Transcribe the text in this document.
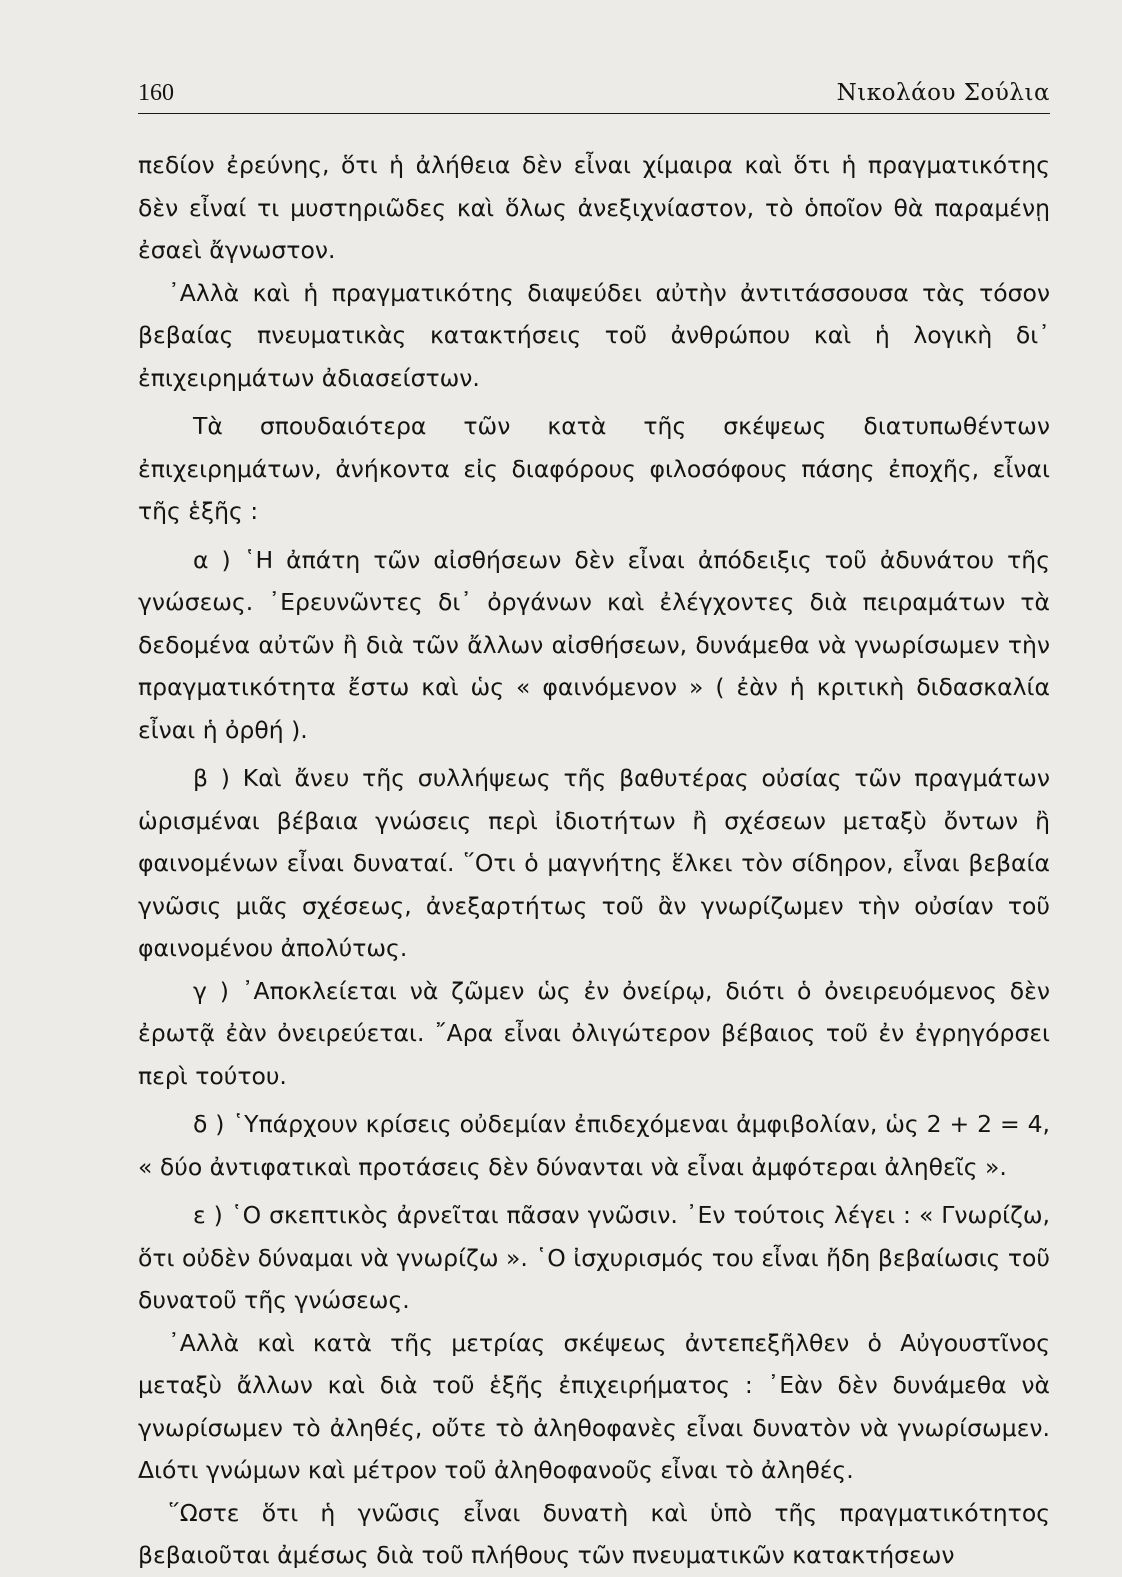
160	Νικολάου Σούλια

πεδίον ἐρεύνης, ὅτι ἡ ἀλήθεια δὲν εἶναι χίμαιρα καὶ ὅτι ἡ πραγματικότης δὲν εἶναί τι μυστηριῶδες καὶ ὅλως ἀνεξιχνίαστον, τὸ ὁποῖον θὰ παραμένῃ ἐσαεὶ ἄγνωστον.

᾽Αλλὰ καὶ ἡ πραγματικότης διαψεύδει αὐτὴν ἀντιτάσσουσα τὰς τόσον βεβαίας πνευματικὰς κατακτήσεις τοῦ ἀνθρώπου καὶ ἡ λογικὴ δι᾽ ἐπιχειρημάτων ἀδιασείστων.

Τὰ σπουδαιότερα τῶν κατὰ τῆς σκέψεως διατυπωθέντων ἐπιχειρημάτων, ἀνήκοντα εἰς διαφόρους φιλοσόφους πάσης ἐποχῆς, εἶναι τῆς ἑξῆς :

α ) ῾Η ἀπάτη τῶν αἰσθήσεων δὲν εἶναι ἀπόδειξις τοῦ ἀδυνάτου τῆς γνώσεως. ᾽Ερευνῶντες δι᾽ ὀργάνων καὶ ἐλέγχοντες διὰ πειραμάτων τὰ δεδομένα αὐτῶν ἢ διὰ τῶν ἄλλων αἰσθήσεων, δυνάμεθα νὰ γνωρίσωμεν τὴν πραγματικότητα ἔστω καὶ ὡς « φαινόμενον » ( ἐὰν ἡ κριτικὴ διδασκαλία εἶναι ἡ ὀρθή ).

β ) Καὶ ἄνευ τῆς συλλήψεως τῆς βαθυτέρας οὐσίας τῶν πραγμάτων ὡρισμέναι βέβαια γνώσεις περὶ ἰδιοτήτων ἢ σχέσεων μεταξὺ ὄντων ἢ φαινομένων εἶναι δυναταί. ῞Οτι ὁ μαγνήτης ἕλκει τὸν σίδηρον, εἶναι βεβαία γνῶσις μιᾶς σχέσεως, ἀνεξαρτήτως τοῦ ἂν γνωρίζωμεν τὴν οὐσίαν τοῦ φαινομένου ἀπολύτως.

γ ) ᾽Αποκλείεται νὰ ζῶμεν ὡς ἐν ὀνείρῳ, διότι ὁ ὀνειρευόμενος δὲν ἐρωτᾷ ἐὰν ὀνειρεύεται. ῎Αρα εἶναι ὀλιγώτερον βέβαιος τοῦ ἐν ἐγρηγόρσει περὶ τούτου.

δ ) ῾Υπάρχουν κρίσεις οὐδεμίαν ἐπιδεχόμεναι ἀμφιβολίαν, ὡς 2 + 2 = 4, « δύο ἀντιφατικαὶ προτάσεις δὲν δύνανται νὰ εἶναι ἀμφότεραι ἀληθεῖς ».

ε ) ῾Ο σκεπτικὸς ἀρνεῖται πᾶσαν γνῶσιν. ᾽Εν τούτοις λέγει : « Γνωρίζω, ὅτι οὐδὲν δύναμαι νὰ γνωρίζω ». ῾Ο ἰσχυρισμός του εἶναι ἤδη βεβαίωσις τοῦ δυνατοῦ τῆς γνώσεως.

᾽Αλλὰ καὶ κατὰ τῆς μετρίας σκέψεως ἀντεπεξῆλθεν ὁ Αὐγουστῖνος μεταξὺ ἄλλων καὶ διὰ τοῦ ἑξῆς ἐπιχειρήματος : ᾽Εὰν δὲν δυνάμεθα νὰ γνωρίσωμεν τὸ ἀληθές, οὔτε τὸ ἀληθοφανὲς εἶναι δυνατὸν νὰ γνωρίσωμεν. Διότι γνώμων καὶ μέτρον τοῦ ἀληθοφανοῦς εἶναι τὸ ἀληθές.

῞Ωστε ὅτι ἡ γνῶσις εἶναι δυνατὴ καὶ ὑπὸ τῆς πραγματικότητος βεβαιοῦται ἀμέσως διὰ τοῦ πλήθους τῶν πνευματικῶν κατακτήσεων
